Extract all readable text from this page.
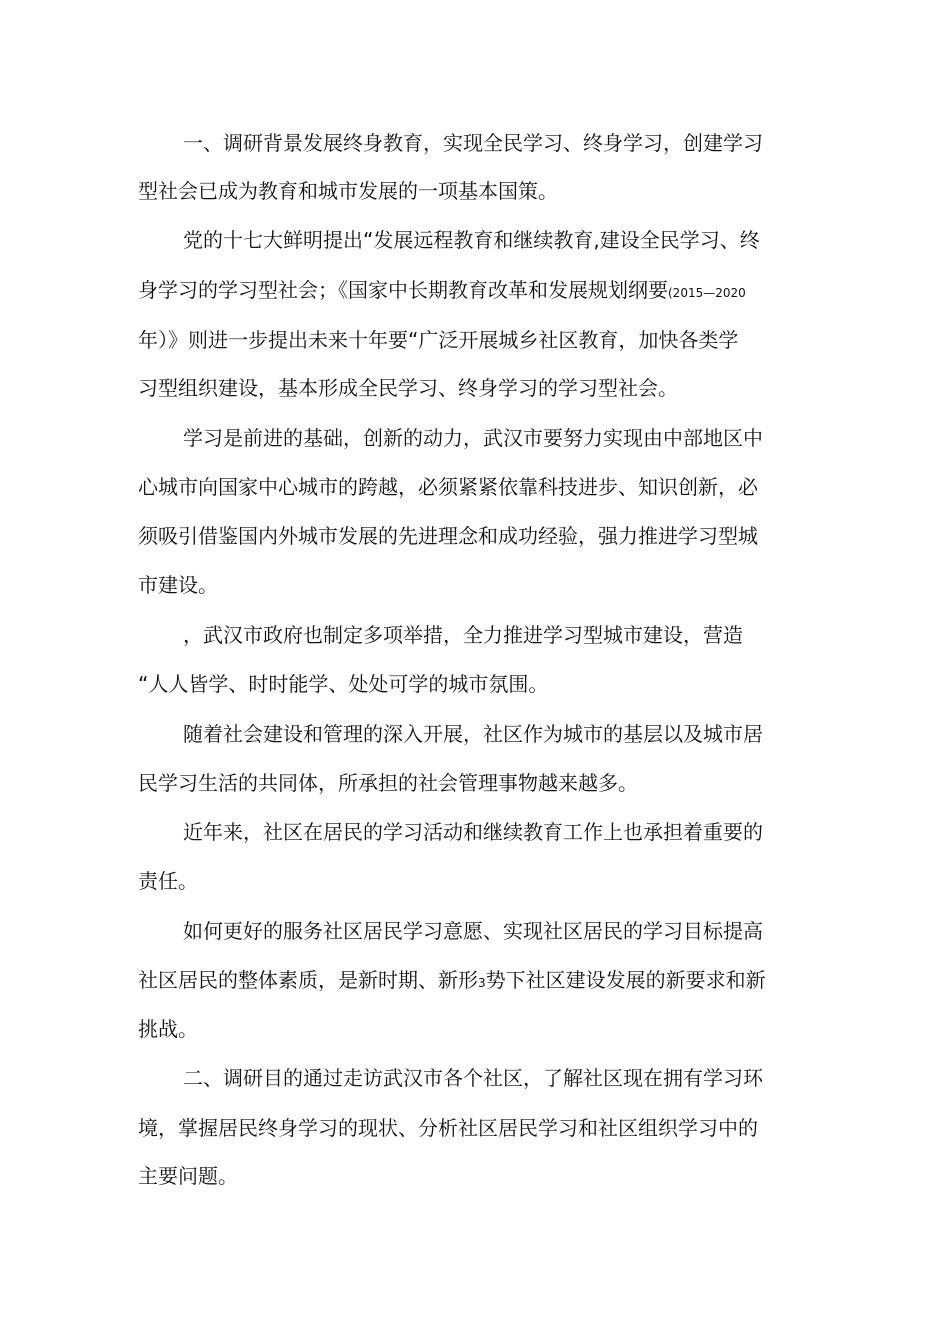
一、调研背景发展终身教育，实现全民学习、终身学习，创建学习
型社会已成为教育和城市发展的一项基本国策。
党的十七大鲜明提出“发展远程教育和继续教育,建设全民学习、终
身学习的学习型社会；《国家中长期教育改革和发展规划纲要(2015—2020
年）》则进一步提出未来十年要“广泛开展城乡社区教育，加快各类学
习型组织建设，基本形成全民学习、终身学习的学习型社会。
学习是前进的基础，创新的动力，武汉市要努力实现由中部地区中
心城市向国家中心城市的跨越，必须紧紧依靠科技进步、知识创新，必
须吸引借鉴国内外城市发展的先进理念和成功经验，强力推进学习型城
市建设。
，武汉市政府也制定多项举措，全力推进学习型城市建设，营造
“人人皆学、时时能学、处处可学的城市氛围。
随着社会建设和管理的深入开展，社区作为城市的基层以及城市居
民学习生活的共同体，所承担的社会管理事物越来越多。
近年来，社区在居民的学习活动和继续教育工作上也承担着重要的
责任。
如何更好的服务社区居民学习意愿、实现社区居民的学习目标提高
社区居民的整体素质，是新时期、新形3势下社区建设发展的新要求和新
挑战。
二、调研目的通过走访武汉市各个社区，了解社区现在拥有学习环
境，掌握居民终身学习的现状、分析社区居民学习和社区组织学习中的
主要问题。
